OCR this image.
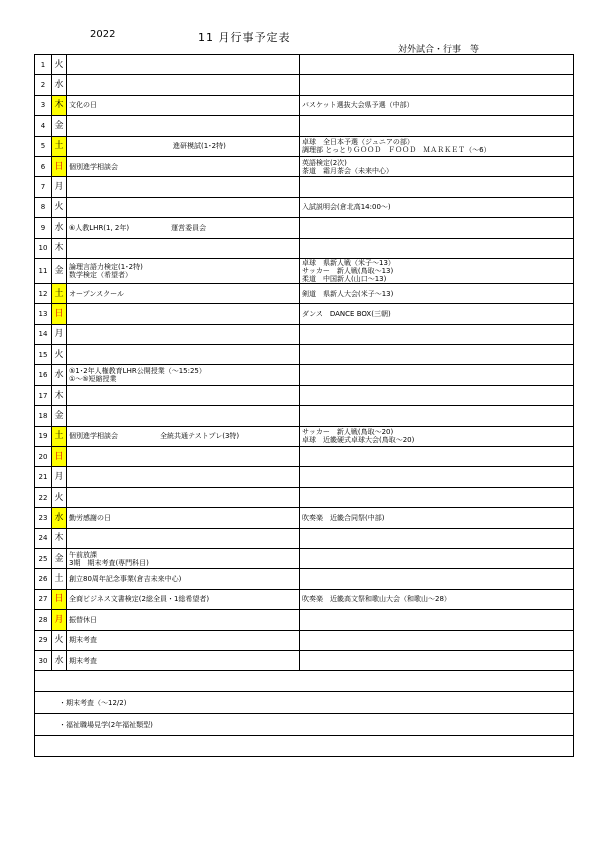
2022	11 月行事予定表
対外試合・行事　等
1	火		
2	水		
3	木	文化の日	バスケット選抜大会県予選（中部）

4	金		
5	土	進研模試(1･2特)	卓球　全日本予選（ジュニアの部）
調理部 とっとりＧＯＯＤ　ＦＯＯＤ　ＭＡＲＫＥＴ（～6）

6	日	個別進学相談会	英語検定(2次)
茶道　霜月茶会（未来中心）

7	月		
8	火		入試説明会(倉北高14:00～)

9	水	⑥人教LHR(1, 2年) 運営委員会	

10	木		
11	金	論理言語力検定(1･2特)
数学検定（希望者）	卓球　県新人戦（米子～13）
サッカー　新人戦(鳥取～13)
柔道　中国新人(山口～13)

12	土	オープンスクール	剣道　県新人大会(米子～13)

13	日		ダンス　DANCE BOX(三朝)

14	月		
15	火		
16	水	⑤1･2年人権教育LHR公開授業（～15:25）
①～⑤短縮授業	

17	木		
18	金		
19	土	個別進学相談会 全統共通テストプレ(3特)	サッカー　新人戦(鳥取～20)
卓球　近畿硬式卓球大会(鳥取～20)

20	日		
21	月		
22	火		
23	水	勤労感謝の日	吹奏楽　近畿合同祭(中部)

24	木		
25	金	午前放課
3期　期末考査(専門科目)	

26	土	創立80周年記念事業(倉吉未来中心)	

27	日	全商ビジネス文書検定(2総全員・1総希望者)	吹奏楽　近畿高文祭和歌山大会（和歌山～28）

28	月	振替休日	

29	火	期末考査	

30	水	期末考査	

・期末考査（～12/2)			
・福祉職場見学(2年福祉類型)			
